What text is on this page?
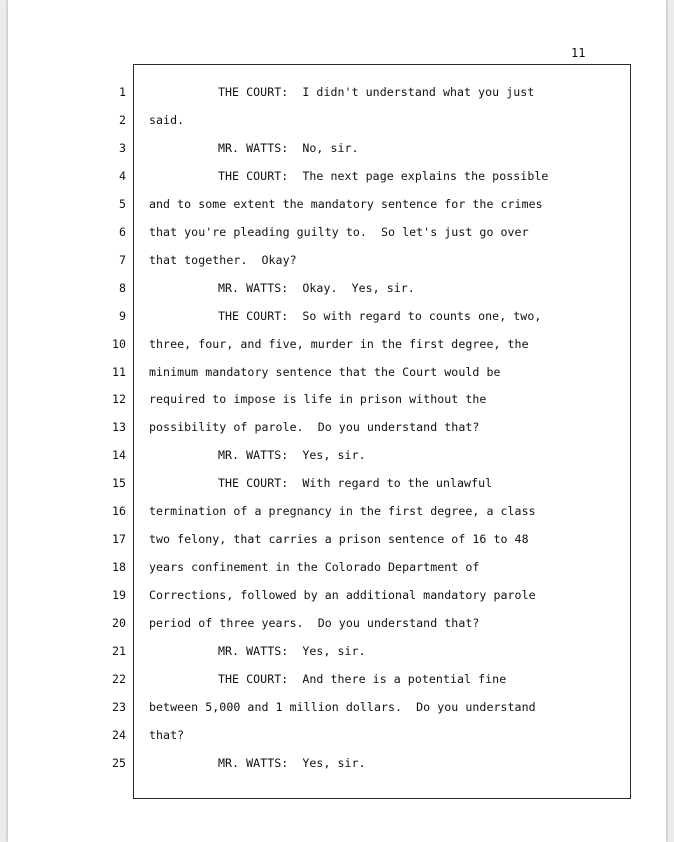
11
1	THE COURT:  I didn't understand what you just
2 said.
3	MR. WATTS:  No, sir.
4	THE COURT:  The next page explains the possible
5 and to some extent the mandatory sentence for the crimes
6 that you're pleading guilty to.  So let's just go over
7 that together.  Okay?
8	MR. WATTS:  Okay.  Yes, sir.
9	THE COURT:  So with regard to counts one, two,
10 three, four, and five, murder in the first degree, the
11 minimum mandatory sentence that the Court would be
12 required to impose is life in prison without the
13 possibility of parole.  Do you understand that?
14	MR. WATTS:  Yes, sir.
15	THE COURT:  With regard to the unlawful
16 termination of a pregnancy in the first degree, a class
17 two felony, that carries a prison sentence of 16 to 48
18 years confinement in the Colorado Department of
19 Corrections, followed by an additional mandatory parole
20 period of three years.  Do you understand that?
21	MR. WATTS:  Yes, sir.
22	THE COURT:  And there is a potential fine
23 between 5,000 and 1 million dollars.  Do you understand
24 that?
25	MR. WATTS:  Yes, sir.
